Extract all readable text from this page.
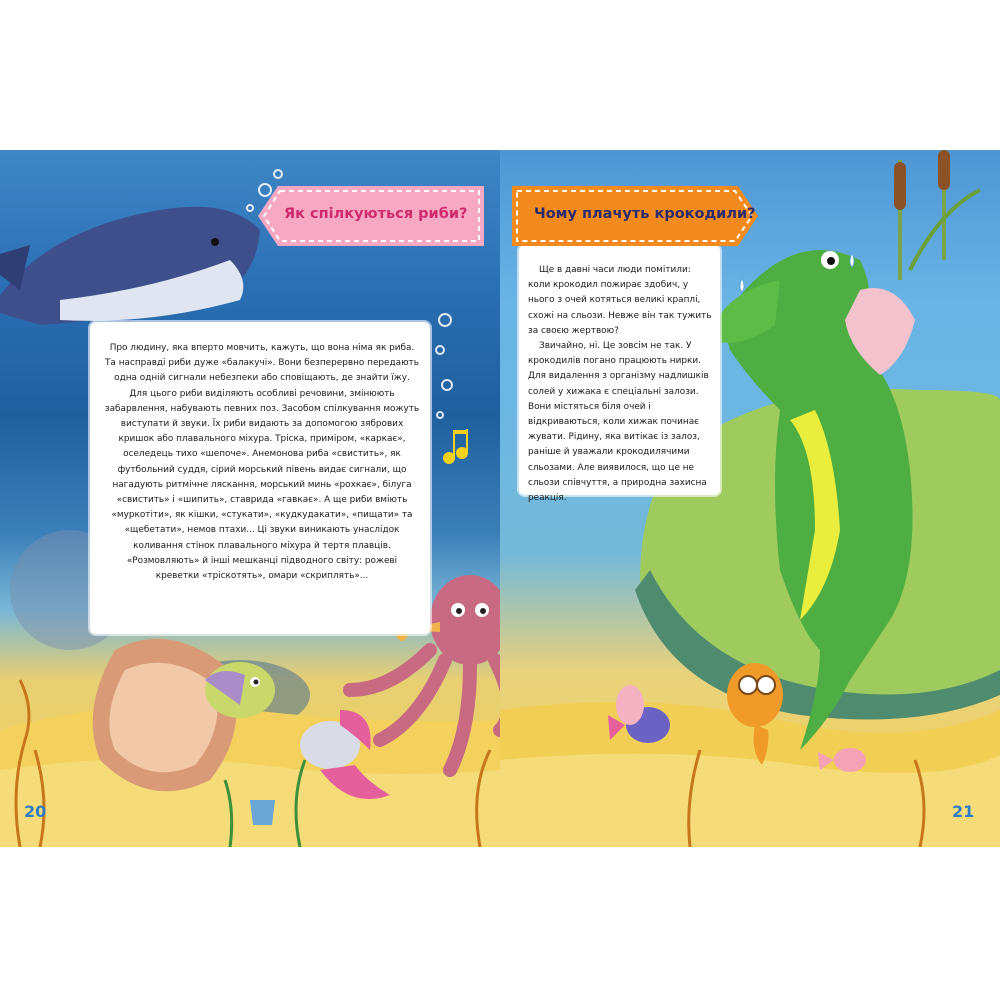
Про людину, яка вперто мовчить, кажуть, що вона німа як риба. Та насправді риби дуже «балакучі». Вони безперервно передають одна одній сигнали небезпеки або сповіщають, де знайти їжу. Для цього риби виділяють особливі речовини, змінюють забарвлення, набувають певних поз. Засобом спілкування можуть виступати й звуки. Їх риби видають за допомогою зябрових кришок або плавального міхура. Тріска, приміром, «каркає», оселедець тихо «шепоче». Анемонова риба «свистить», як футбольний суддя, сірий морський півень видає сигнали, що нагадують ритмічне ляскання, морський минь «рохкає», білуга «свистить» і «шипить», ставрида «гавкає». А ще риби вміють «муркотіти», як кішки, «стукати», «кудкудакати», «пищати» та «щебетати», немов птахи... Ці звуки виникають унаслідок коливання стінок плавального міхура й тертя плавців. «Розмовляють» й інші мешканці підводного світу: рожеві креветки «тріскотять», омари «скриплять»...

Ще в давні часи люди помітили: коли крокодил пожирає здобич, у нього з очей котяться великі краплі, схожі на сльози. Невже він так тужить за своєю жертвою?

Звичайно, ні. Це зовсім не так. У крокодилів погано працюють нирки. Для видалення з організму надлишків солей у хижака є спеціальні залози. Вони містяться біля очей і відкриваються, коли хижак починає жувати. Рідину, яка витікає із залоз, раніше й уважали крокодилячими сльозами. Але виявилося, що це не сльози співчуття, а природна захисна реакція.

Як спілкуються риби?	Чому плачуть крокодили?
20	21
